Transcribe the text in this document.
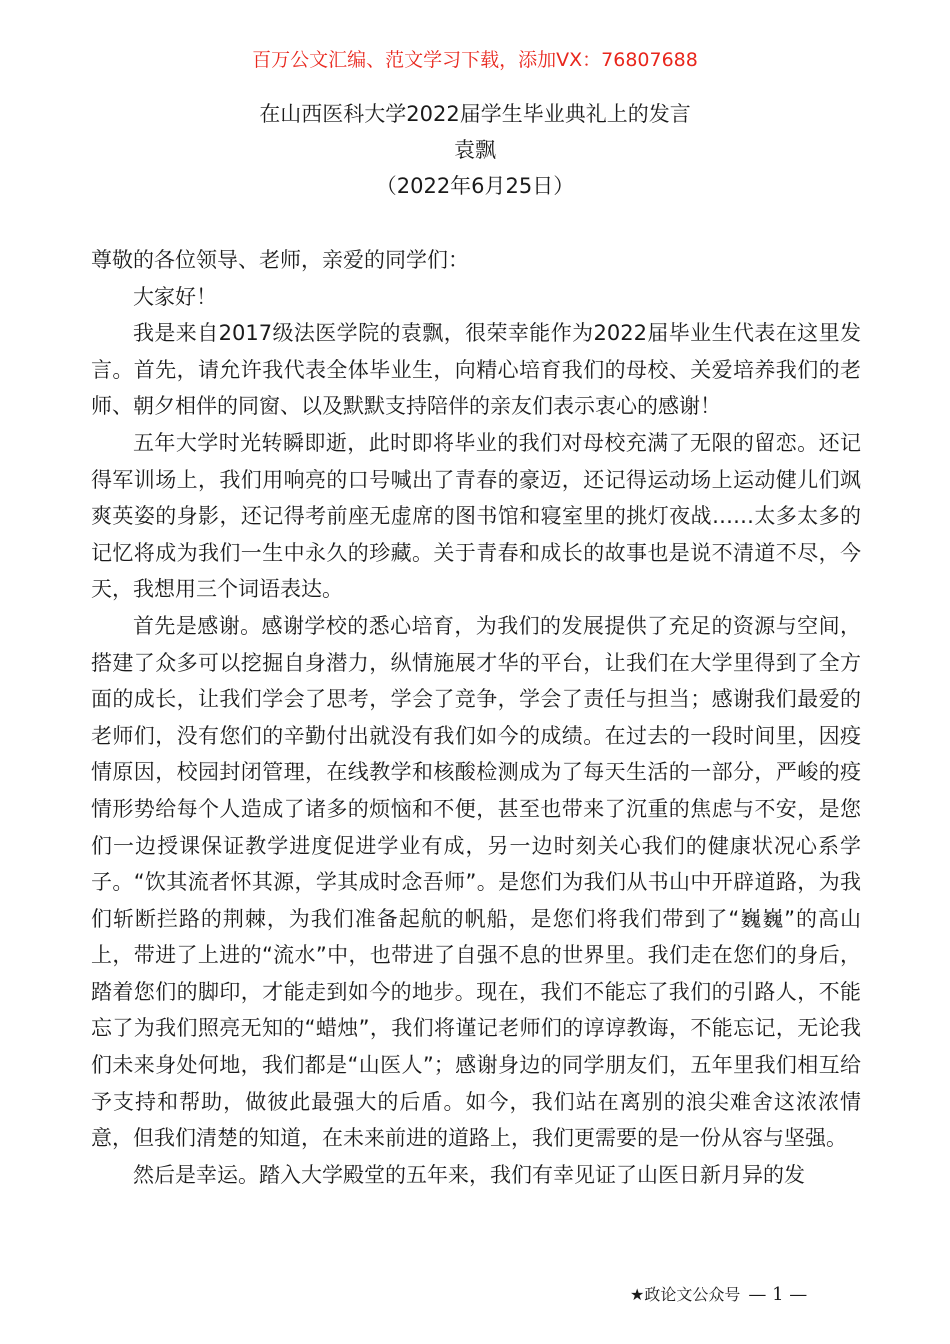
百万公文汇编、范文学习下载，添加VX：76807688
在山西医科大学2022届学生毕业典礼上的发言
袁飘
（2022年6月25日）

尊敬的各位领导、老师，亲爱的同学们：

大家好！

我是来自2017级法医学院的袁飘，很荣幸能作为2022届毕业生代表在这里发言。首先，请允许我代表全体毕业生，向精心培育我们的母校、关爱培养我们的老师、朝夕相伴的同窗、以及默默支持陪伴的亲友们表示衷心的感谢！

五年大学时光转瞬即逝，此时即将毕业的我们对母校充满了无限的留恋。还记得军训场上，我们用响亮的口号喊出了青春的豪迈，还记得运动场上运动健儿们飒爽英姿的身影，还记得考前座无虚席的图书馆和寝室里的挑灯夜战……太多太多的记忆将成为我们一生中永久的珍藏。关于青春和成长的故事也是说不清道不尽，今天，我想用三个词语表达。

首先是感谢。感谢学校的悉心培育，为我们的发展提供了充足的资源与空间，搭建了众多可以挖掘自身潜力，纵情施展才华的平台，让我们在大学里得到了全方面的成长，让我们学会了思考，学会了竞争，学会了责任与担当；感谢我们最爱的老师们，没有您们的辛勤付出就没有我们如今的成绩。在过去的一段时间里，因疫情原因，校园封闭管理，在线教学和核酸检测成为了每天生活的一部分，严峻的疫情形势给每个人造成了诸多的烦恼和不便，甚至也带来了沉重的焦虑与不安，是您们一边授课保证教学进度促进学业有成，另一边时刻关心我们的健康状况心系学子。“饮其流者怀其源，学其成时念吾师”。是您们为我们从书山中开辟道路，为我们斩断拦路的荆棘，为我们准备起航的帆船，是您们将我们带到了“巍巍”的高山上，带进了上进的“流水”中，也带进了自强不息的世界里。我们走在您们的身后，踏着您们的脚印，才能走到如今的地步。现在，我们不能忘了我们的引路人，不能忘了为我们照亮无知的“蜡烛”，我们将谨记老师们的谆谆教诲，不能忘记，无论我们未来身处何地，我们都是“山医人”；感谢身边的同学朋友们，五年里我们相互给予支持和帮助，做彼此最强大的后盾。如今，我们站在离别的浪尖难舍这浓浓情意，但我们清楚的知道，在未来前进的道路上，我们更需要的是一份从容与坚强。

然后是幸运。踏入大学殿堂的五年来，我们有幸见证了山医日新月异的发

★政论文公众号 — 1 —
